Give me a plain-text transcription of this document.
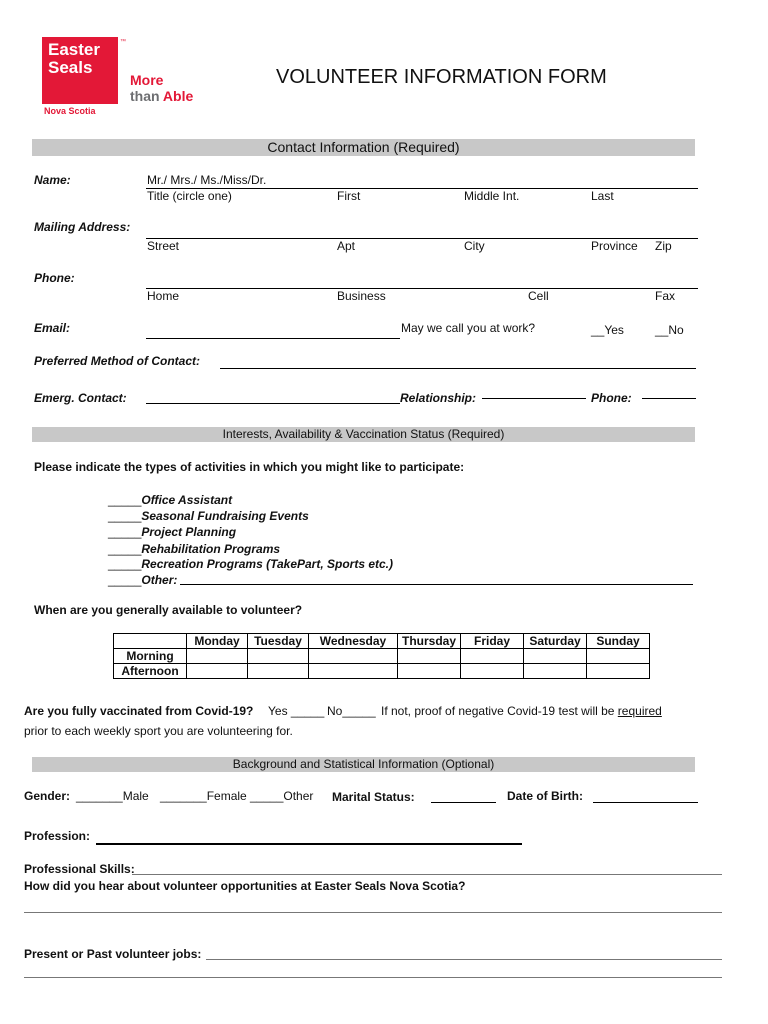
Easter
Seals
™
Nova Scotia
More
than Able
VOLUNTEER INFORMATION FORM
Contact Information (Required)
Name:	Mr./ Mrs./ Ms./Miss/Dr.
Title (circle one)	First	Middle Int.	Last
Mailing Address:
Street	Apt	City	Province Zip
Phone:
Home	Business	Cell	Fax
Email:	May we call you at work?	__Yes	__No
Preferred Method of Contact:
Emerg. Contact:	Relationship:	Phone:
Interests, Availability & Vaccination Status (Required)
Please indicate the types of activities in which you might like to participate:
_____Office Assistant
_____Seasonal Fundraising Events
_____Project Planning
_____Rehabilitation Programs
_____Recreation Programs (TakePart, Sports etc.)
_____Other:
When are you generally available to volunteer?
	Monday	Tuesday	Wednesday	Thursday	Friday	Saturday	Sunday
Morning							
Afternoon							
Are you fully vaccinated from Covid-19? Yes _____ No_____ If not, proof of negative Covid-19 test will be required
prior to each weekly sport you are volunteering for.
Background and Statistical Information (Optional)
Gender: _______Male _______Female _____Other Marital Status:	Date of Birth:
Profession:
Professional Skills:
How did you hear about volunteer opportunities at Easter Seals Nova Scotia?
Present or Past volunteer jobs:
